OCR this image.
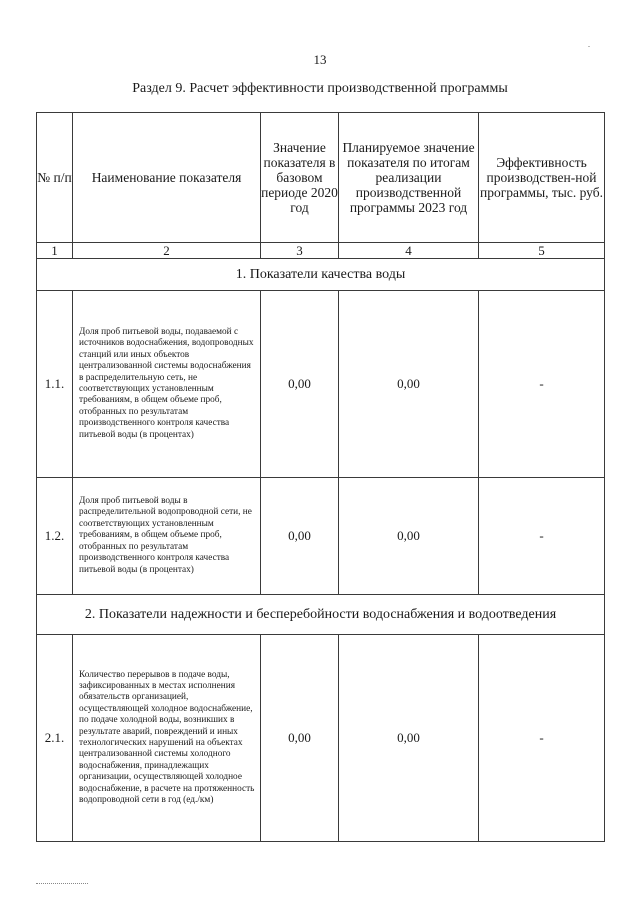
13
Раздел 9. Расчет эффективности производственной программы
№ п/п	Наименование показателя	Значение показателя в базовом периоде 2020 год	Планируемое значение показателя по итогам реализации производственной программы 2023 год	Эффективность производствен-ной программы, тыс. руб.
1	2	3	4	5
1. Показатели качества воды				
1.1.	Доля проб питьевой воды, подаваемой с источников водоснабжения, водопроводных станций или иных объектов централизованной системы водоснабжения в распределительную сеть, не соответствующих установленным требованиям, в общем объеме проб, отобранных по результатам производственного контроля качества питьевой воды (в процентах)	0,00	0,00	-
1.2.	Доля проб питьевой воды в распределительной водопроводной сети, не соответствующих установленным требованиям, в общем объеме проб, отобранных по результатам производственного контроля качества питьевой воды (в процентах)	0,00	0,00	-
2. Показатели надежности и бесперебойности водоснабжения и водоотведения				
2.1.	Количество перерывов в подаче воды, зафиксированных в местах исполнения обязательств организацией, осуществляющей холодное водоснабжение, по подаче холодной воды, возникших в результате аварий, повреждений и иных технологических нарушений на объектах централизованной системы холодного водоснабжения, принадлежащих организации, осуществляющей холодное водоснабжение, в расчете на протяженность водопроводной сети в год (ед./км)	0,00	0,00	-
